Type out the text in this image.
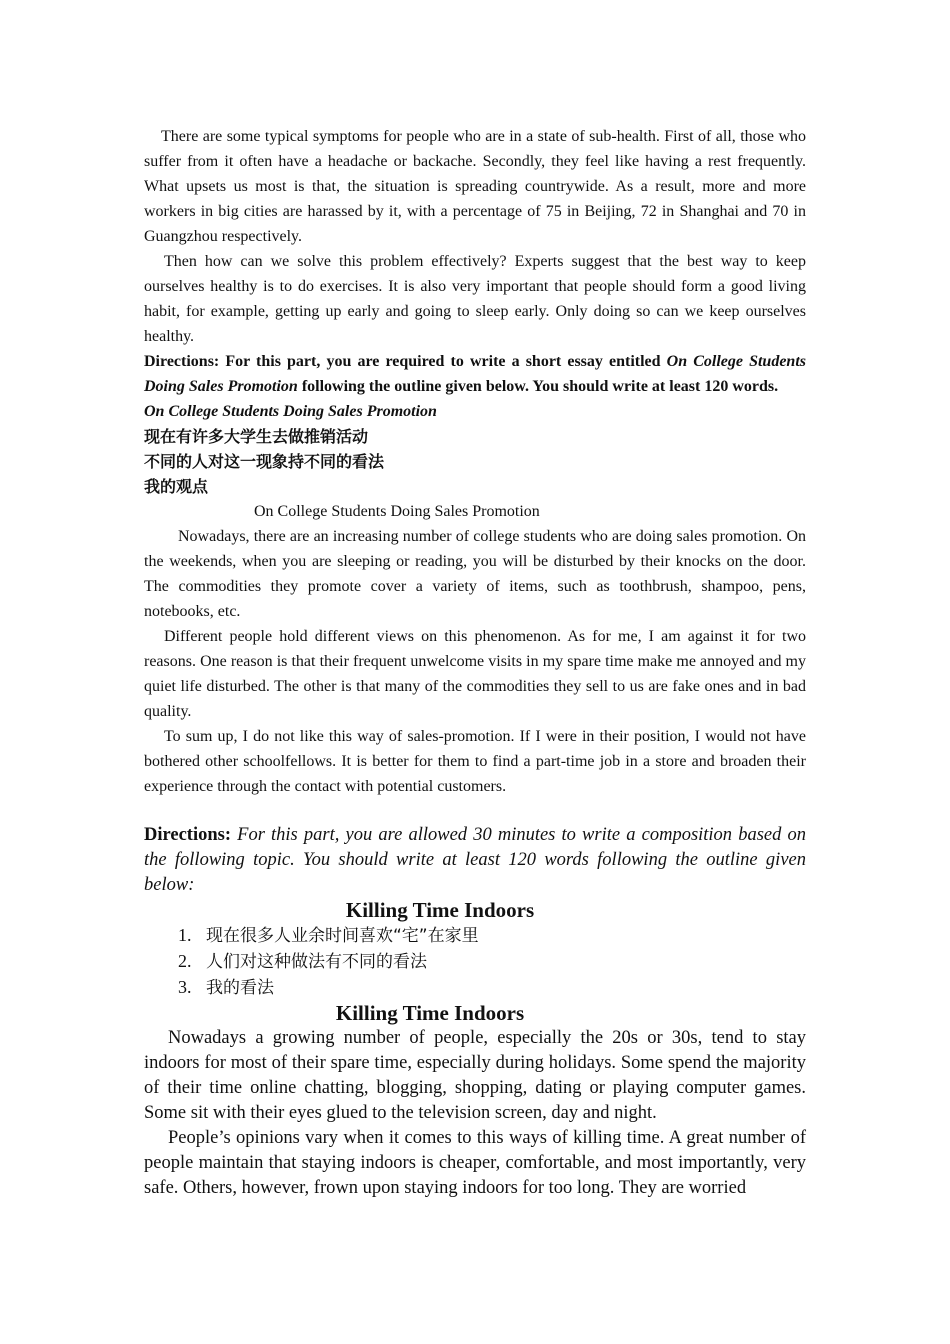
There are some typical symptoms for people who are in a state of sub-health. First of all, those who suffer from it often have a headache or backache. Secondly, they feel like having a rest frequently. What upsets us most is that, the situation is spreading countrywide. As a result, more and more workers in big cities are harassed by it, with a percentage of 75 in Beijing, 72 in Shanghai and 70 in Guangzhou respectively.

Then how can we solve this problem effectively? Experts suggest that the best way to keep ourselves healthy is to do exercises. It is also very important that people should form a good living habit, for example, getting up early and going to sleep early. Only doing so can we keep ourselves healthy.

Directions: For this part, you are required to write a short essay entitled On College Students Doing Sales Promotion following the outline given below. You should write at least 120 words.

On College Students Doing Sales Promotion
现在有许多大学生去做推销活动
不同的人对这一现象持不同的看法
我的观点
On College Students Doing Sales Promotion

Nowadays, there are an increasing number of college students who are doing sales promotion. On the weekends, when you are sleeping or reading, you will be disturbed by their knocks on the door. The commodities they promote cover a variety of items, such as toothbrush, shampoo, pens, notebooks, etc.

Different people hold different views on this phenomenon. As for me, I am against it for two reasons. One reason is that their frequent unwelcome visits in my spare time make me annoyed and my quiet life disturbed. The other is that many of the commodities they sell to us are fake ones and in bad quality.

To sum up, I do not like this way of sales-promotion. If I were in their position, I would not have bothered other schoolfellows. It is better for them to find a part-time job in a store and broaden their experience through the contact with potential customers.

Directions: For this part, you are allowed 30 minutes to write a composition based on the following topic. You should write at least 120 words following the outline given below:

Killing Time Indoors
1. 现在很多人业余时间喜欢“宅”在家里
2. 人们对这种做法有不同的看法
3. 我的看法
Killing Time Indoors

Nowadays a growing number of people, especially the 20s or 30s, tend to stay indoors for most of their spare time, especially during holidays. Some spend the majority of their time online chatting, blogging, shopping, dating or playing computer games. Some sit with their eyes glued to the television screen, day and night.

People’s opinions vary when it comes to this ways of killing time. A great number of people maintain that staying indoors is cheaper, comfortable, and most importantly, very safe. Others, however, frown upon staying indoors for too long. They are worried
